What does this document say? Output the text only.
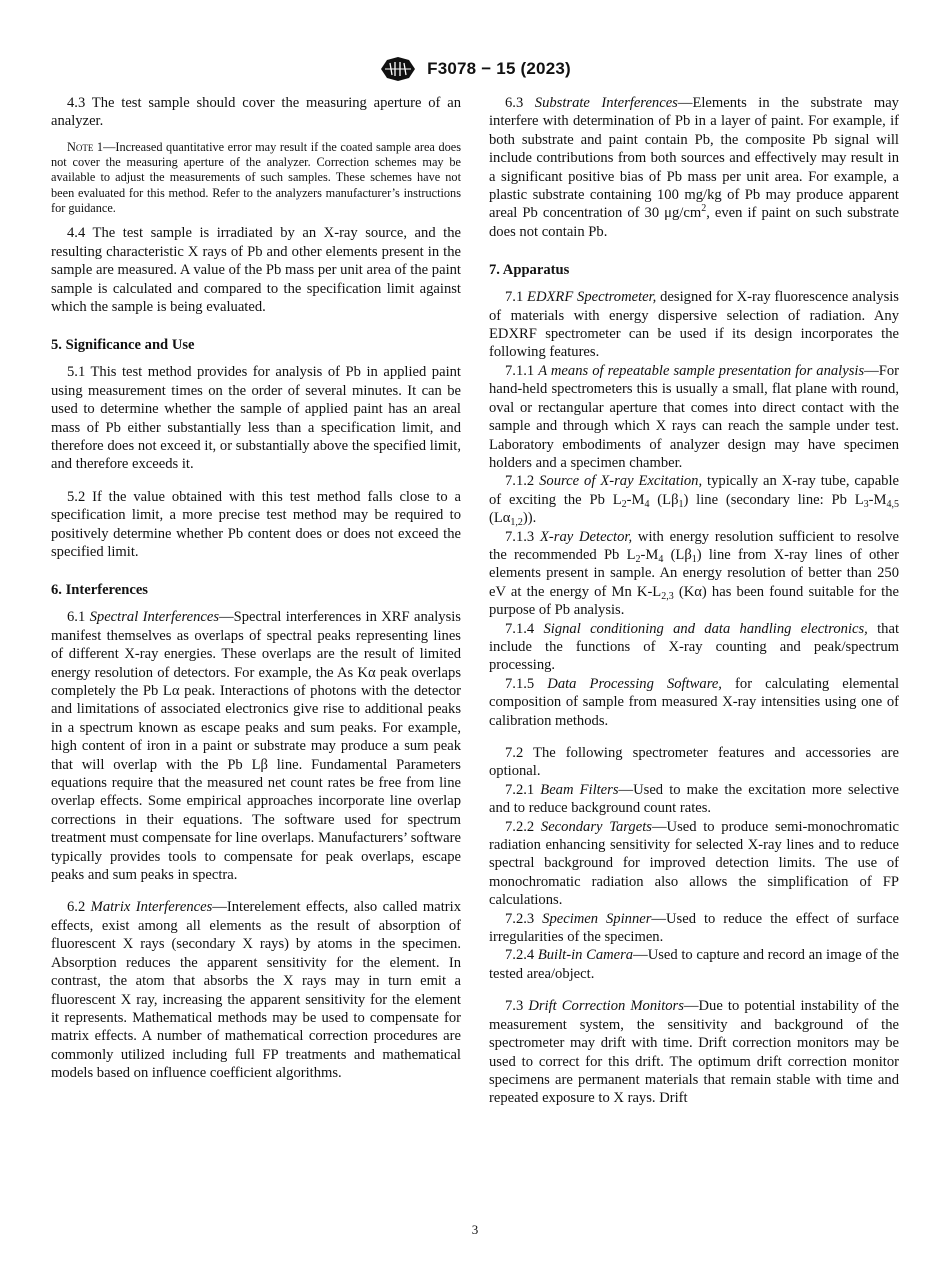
F3078 − 15 (2023)

4.3 The test sample should cover the measuring aperture of an analyzer.

Note 1—Increased quantitative error may result if the coated sample area does not cover the measuring aperture of the analyzer. Correction schemes may be available to adjust the measurements of such samples. These schemes have not been evaluated for this method. Refer to the analyzers manufacturer’s instructions for guidance.

4.4 The test sample is irradiated by an X-ray source, and the resulting characteristic X rays of Pb and other elements present in the sample are measured. A value of the Pb mass per unit area of the paint sample is calculated and compared to the specification limit against which the sample is being evaluated.

5. Significance and Use

5.1 This test method provides for analysis of Pb in applied paint using measurement times on the order of several minutes. It can be used to determine whether the sample of applied paint has an areal mass of Pb either substantially less than a specification limit, and therefore does not exceed it, or substantially above the specified limit, and therefore exceeds it.

5.2 If the value obtained with this test method falls close to a specification limit, a more precise test method may be required to positively determine whether Pb content does or does not exceed the specified limit.

6. Interferences

6.1 Spectral Interferences—Spectral interferences in XRF analysis manifest themselves as overlaps of spectral peaks representing lines of different X-ray energies. These overlaps are the result of limited energy resolution of detectors. For example, the As Kα peak overlaps completely the Pb Lα peak. Interactions of photons with the detector and limitations of associated electronics give rise to additional peaks in a spectrum known as escape peaks and sum peaks. For example, high content of iron in a paint or substrate may produce a sum peak that will overlap with the Pb Lβ line. Fundamental Parameters equations require that the measured net count rates be free from line overlap effects. Some empirical approaches incorporate line overlap corrections in their equations. The software used for spectrum treatment must compensate for line overlaps. Manufacturers’ software typically provides tools to compensate for peak overlaps, escape peaks and sum peaks in spectra.

6.2 Matrix Interferences—Interelement effects, also called matrix effects, exist among all elements as the result of absorption of fluorescent X rays (secondary X rays) by atoms in the specimen. Absorption reduces the apparent sensitivity for the element. In contrast, the atom that absorbs the X rays may in turn emit a fluorescent X ray, increasing the apparent sensitivity for the element it represents. Mathematical methods may be used to compensate for matrix effects. A number of mathematical correction procedures are commonly utilized including full FP treatments and mathematical models based on influence coefficient algorithms.

6.3 Substrate Interferences—Elements in the substrate may interfere with determination of Pb in a layer of paint. For example, if both substrate and paint contain Pb, the composite Pb signal will include contributions from both sources and effectively may result in a significant positive bias of Pb mass per unit area. For example, a plastic substrate containing 100 mg/kg of Pb may produce apparent areal Pb concentration of 30 $\mu g/cm^2$, even if paint on such substrate does not contain Pb.

7. Apparatus

7.1 EDXRF Spectrometer, designed for X-ray fluorescence analysis of materials with energy dispersive selection of radiation. Any EDXRF spectrometer can be used if its design incorporates the following features.

7.1.1 A means of repeatable sample presentation for analysis—For hand-held spectrometers this is usually a small, flat plane with round, oval or rectangular aperture that comes into direct contact with the sample and through which X rays can reach the sample under test. Laboratory embodiments of analyzer design may have specimen holders and a specimen chamber.

7.1.2 Source of X-ray Excitation, typically an X-ray tube, capable of exciting the Pb $L_2-M_4$ $(L\beta_1)$ line (secondary line: Pb $L_3-M_{4,5}$ $(L\alpha_{1,2})$).

7.1.3 X-ray Detector, with energy resolution sufficient to resolve the recommended Pb $L_2-M_4$ $(L\beta_1)$ line from X-ray lines of other elements present in sample. An energy resolution of better than 250 eV at the energy of Mn $K-L_{2,3}$ (Kα) has been found suitable for the purpose of Pb analysis.

7.1.4 Signal conditioning and data handling electronics, that include the functions of X-ray counting and peak/spectrum processing.

7.1.5 Data Processing Software, for calculating elemental composition of sample from measured X-ray intensities using one of calibration methods.

7.2 The following spectrometer features and accessories are optional.

7.2.1 Beam Filters—Used to make the excitation more selective and to reduce background count rates.

7.2.2 Secondary Targets—Used to produce semi-monochromatic radiation enhancing sensitivity for selected X-ray lines and to reduce spectral background for improved detection limits. The use of monochromatic radiation also allows the simplification of FP calculations.

7.2.3 Specimen Spinner—Used to reduce the effect of surface irregularities of the specimen.

7.2.4 Built-in Camera—Used to capture and record an image of the tested area/object.

7.3 Drift Correction Monitors—Due to potential instability of the measurement system, the sensitivity and background of the spectrometer may drift with time. Drift correction monitors may be used to correct for this drift. The optimum drift correction monitor specimens are permanent materials that remain stable with time and repeated exposure to X rays. Drift

3
